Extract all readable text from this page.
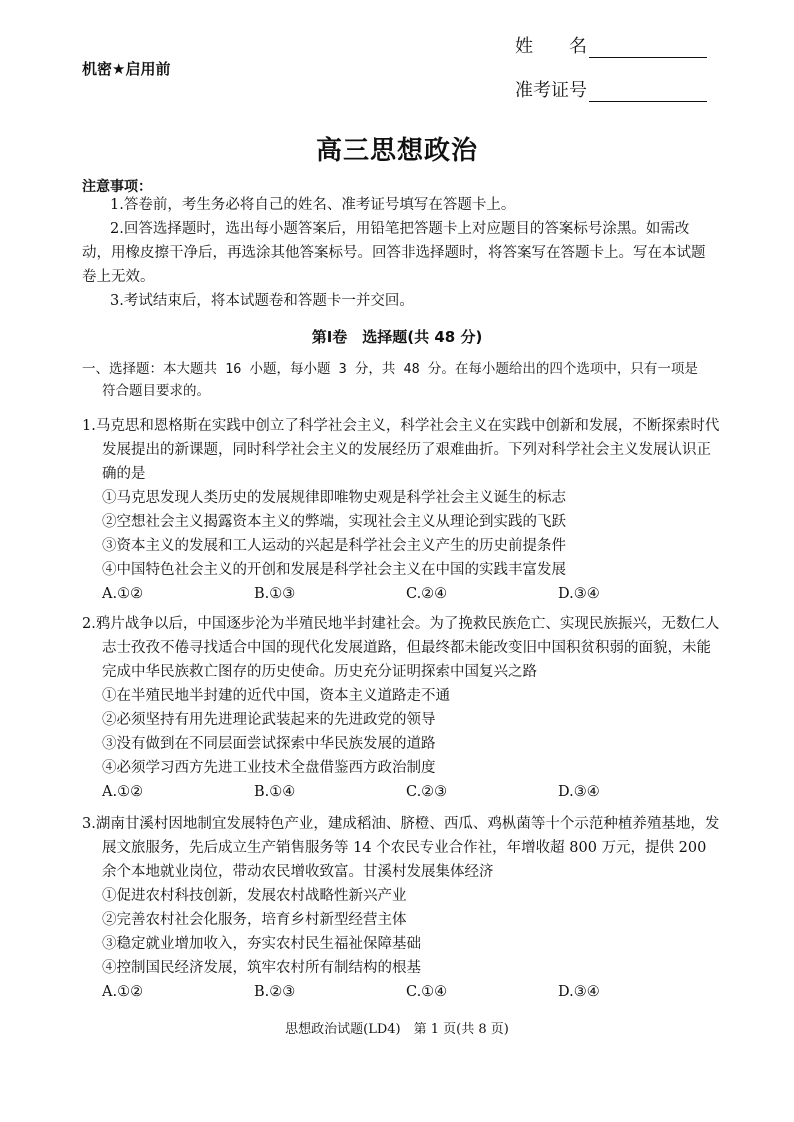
机密★启用前
姓　　名
准考证号
高三思想政治
注意事项：

1.答卷前，考生务必将自己的姓名、准考证号填写在答题卡上。

2.回答选择题时，选出每小题答案后，用铅笔把答题卡上对应题目的答案标号涂黑。如需改动，用橡皮擦干净后，再选涂其他答案标号。回答非选择题时，将答案写在答题卡上。写在本试题卷上无效。

3.考试结束后，将本试题卷和答题卡一并交回。

第Ⅰ卷　选择题(共 48 分)
一、选择题：本大题共 16 小题，每小题 3 分，共 48 分。在每小题给出的四个选项中，只有一项是
符合题目要求的。

1.马克思和恩格斯在实践中创立了科学社会主义，科学社会主义在实践中创新和发展，不断探索时代发展提出的新课题，同时科学社会主义的发展经历了艰难曲折。下列对科学社会主义发展认识正确的是

①马克思发现人类历史的发展规律即唯物史观是科学社会主义诞生的标志

②空想社会主义揭露资本主义的弊端，实现社会主义从理论到实践的飞跃

③资本主义的发展和工人运动的兴起是科学社会主义产生的历史前提条件

④中国特色社会主义的开创和发展是科学社会主义在中国的实践丰富发展

A.①②	B.①③	C.②④	D.③④

2.鸦片战争以后，中国逐步沦为半殖民地半封建社会。为了挽救民族危亡、实现民族振兴，无数仁人志士孜孜不倦寻找适合中国的现代化发展道路，但最终都未能改变旧中国积贫积弱的面貌，未能完成中华民族救亡图存的历史使命。历史充分证明探索中国复兴之路

①在半殖民地半封建的近代中国，资本主义道路走不通

②必须坚持有用先进理论武装起来的先进政党的领导

③没有做到在不同层面尝试探索中华民族发展的道路

④必须学习西方先进工业技术全盘借鉴西方政治制度

A.①②	B.①④	C.②③	D.③④

3.湖南甘溪村因地制宜发展特色产业，建成稻油、脐橙、西瓜、鸡枞菌等十个示范种植养殖基地，发展文旅服务，先后成立生产销售服务等 14 个农民专业合作社，年增收超 800 万元，提供 200 余个本地就业岗位，带动农民增收致富。甘溪村发展集体经济

①促进农村科技创新，发展农村战略性新兴产业

②完善农村社会化服务，培育乡村新型经营主体

③稳定就业增加收入，夯实农村民生福祉保障基础

④控制国民经济发展，筑牢农村所有制结构的根基

A.①②	B.②③	C.①④	D.③④
思想政治试题(LD4)　第 1 页(共 8 页)
